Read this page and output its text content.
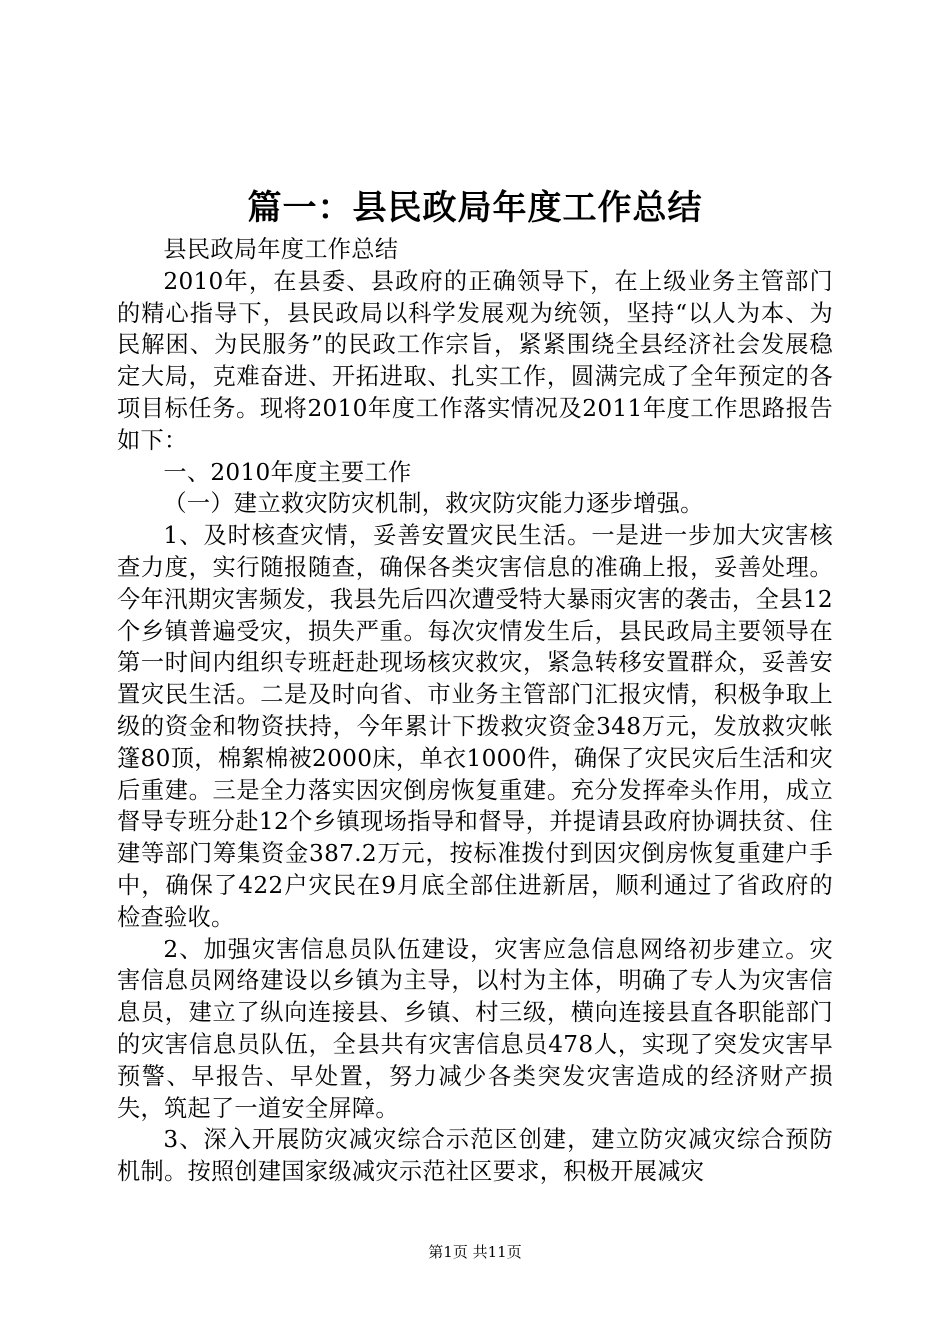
篇一：县民政局年度工作总结

县民政局年度工作总结

2010年，在县委、县政府的正确领导下，在上级业务主管部门的精心指导下，县民政局以科学发展观为统领，坚持“以人为本、为民解困、为民服务”的民政工作宗旨，紧紧围绕全县经济社会发展稳定大局，克难奋进、开拓进取、扎实工作，圆满完成了全年预定的各项目标任务。现将2010年度工作落实情况及2011年度工作思路报告如下：

一、2010年度主要工作

（一）建立救灾防灾机制，救灾防灾能力逐步增强。

1、及时核查灾情，妥善安置灾民生活。一是进一步加大灾害核查力度，实行随报随查，确保各类灾害信息的准确上报，妥善处理。今年汛期灾害频发，我县先后四次遭受特大暴雨灾害的袭击，全县12个乡镇普遍受灾，损失严重。每次灾情发生后，县民政局主要领导在第一时间内组织专班赶赴现场核灾救灾，紧急转移安置群众，妥善安置灾民生活。二是及时向省、市业务主管部门汇报灾情，积极争取上级的资金和物资扶持，今年累计下拨救灾资金348万元，发放救灾帐篷80顶，棉絮棉被2000床，单衣1000件，确保了灾民灾后生活和灾后重建。三是全力落实因灾倒房恢复重建。充分发挥牵头作用，成立督导专班分赴12个乡镇现场指导和督导，并提请县政府协调扶贫、住建等部门筹集资金387.2万元，按标准拨付到因灾倒房恢复重建户手中，确保了422户灾民在9月底全部住进新居，顺利通过了省政府的检查验收。

2、加强灾害信息员队伍建设，灾害应急信息网络初步建立。灾害信息员网络建设以乡镇为主导，以村为主体，明确了专人为灾害信息员，建立了纵向连接县、乡镇、村三级，横向连接县直各职能部门的灾害信息员队伍，全县共有灾害信息员478人，实现了突发灾害早预警、早报告、早处置，努力减少各类突发灾害造成的经济财产损失，筑起了一道安全屏障。

3、深入开展防灾减灾综合示范区创建，建立防灾减灾综合预防机制。按照创建国家级减灾示范社区要求，积极开展减灾

第1页 共11页
